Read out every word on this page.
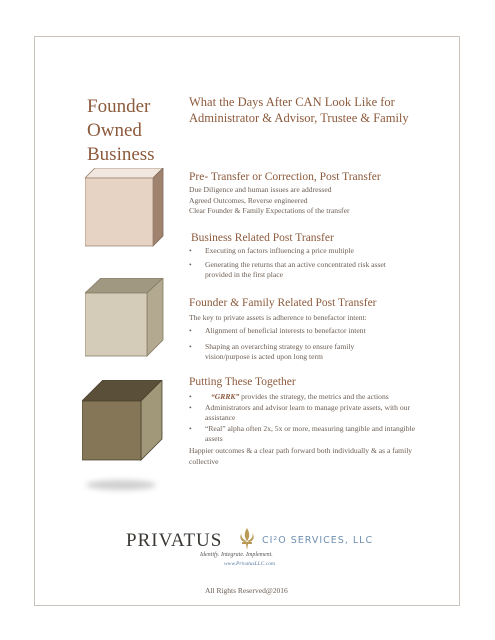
Founder
Owned
Business
What the Days After CAN Look Like for Administrator & Advisor, Trustee & Family
Pre- Transfer or Correction, Post Transfer
Due Diligence and human issues are addressed
Agreed Outcomes, Reverse engineered
Clear Founder & Family Expectations of the transfer
Business Related Post Transfer
• Executing on factors influencing a price multiple
• Generating the returns that an active concentrated risk asset provided in the first place
Founder & Family Related Post Transfer
The key to private assets is adherence to benefactor intent:
• Alignment of beneficial interests to benefactor intent
• Shaping an overarching strategy to ensure family vision/purpose is acted upon long term
Putting These Together
• “GRRK” provides the strategy, the metrics and the actions
• Administrators and advisor learn to manage private assets, with our assistance
• “Real” alpha often 2x, 5x or more, measuring tangible and intangible assets
Happier outcomes & a clear path forward both individually & as a family collective
PRIVATUS	CI²O SERVICES, LLC
Identify. Integrate. Implement.
www.PrivatusLLC.com
All Rights Reserved@2016
